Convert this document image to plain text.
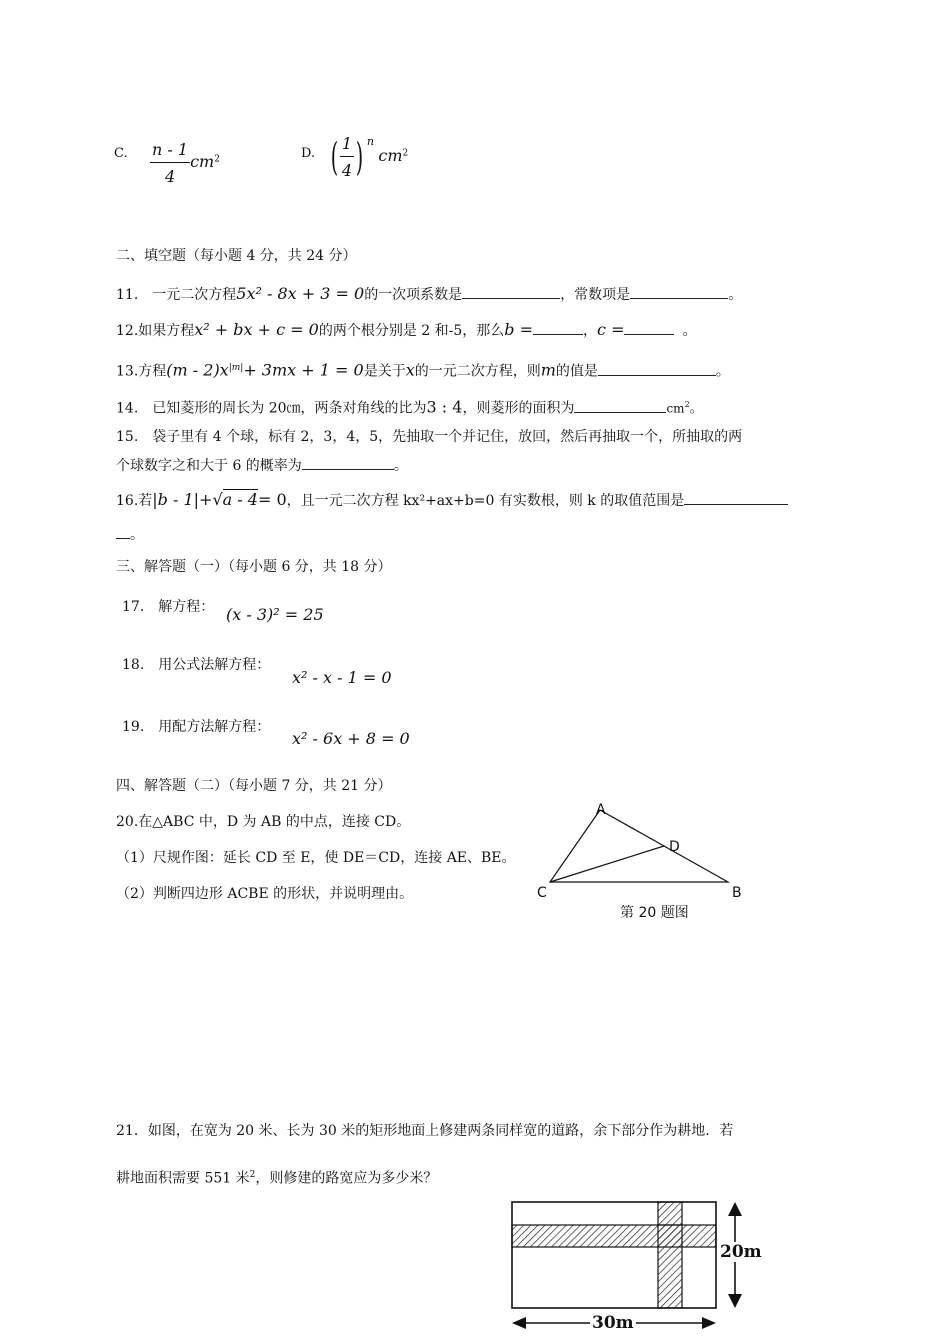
C. $\frac{n - 1}{4} cm^2$	D. ( $\frac{1}{4}$ ) $^n$ $cm^2$
二、填空题（每小题 4 分，共 24 分）
11.　一元二次方程5x² - 8x + 3 = 0的一次项系数是	，常数项是	。
12.如果方程x² + bx + c = 0的两个根分别是 2 和-5，那么b =	，c =	。
13.方程$(m - 2)x^{|m|}+ 3mx + 1 = 0$是关于x的一元二次方程，则m的值是	。
14.　已知菱形的周长为 20㎝，两条对角线的比为3 : 4，则菱形的面积为	$cm^2$。
15.　袋子里有 4 个球，标有 2，3，4，5，先抽取一个并记住，放回，然后再抽取一个，所抽取的两
个球数字之和大于 6 的概率为	。
16.若|b - 1|+√a - 4= 0，且一元二次方程 kx²+ax+b=0 有实数根，则 k 的取值范围是
。
三、解答题（一）（每小题 6 分，共 18 分）
17.　解方程： (x - 3)² = 25
18.　用公式法解方程：
x² - x - 1 = 0
19.　用配方法解方程：
x² - 6x + 8 = 0
四、解答题（二）（每小题 7 分，共 21 分）
20.在△ABC 中，D 为 AB 的中点，连接 CD。
（1）尺规作图：延长 CD 至 E，使 DE＝CD，连接 AE、BE。
（2）判断四边形 ACBE 的形状，并说明理由。
A
D
C	B
第 20 题图
21．如图，在宽为 20 米、长为 30 米的矩形地面上修建两条同样宽的道路，余下部分作为耕地．若
耕地面积需要 551 米$^2$，则修建的路宽应为多少米？
20m
30m
